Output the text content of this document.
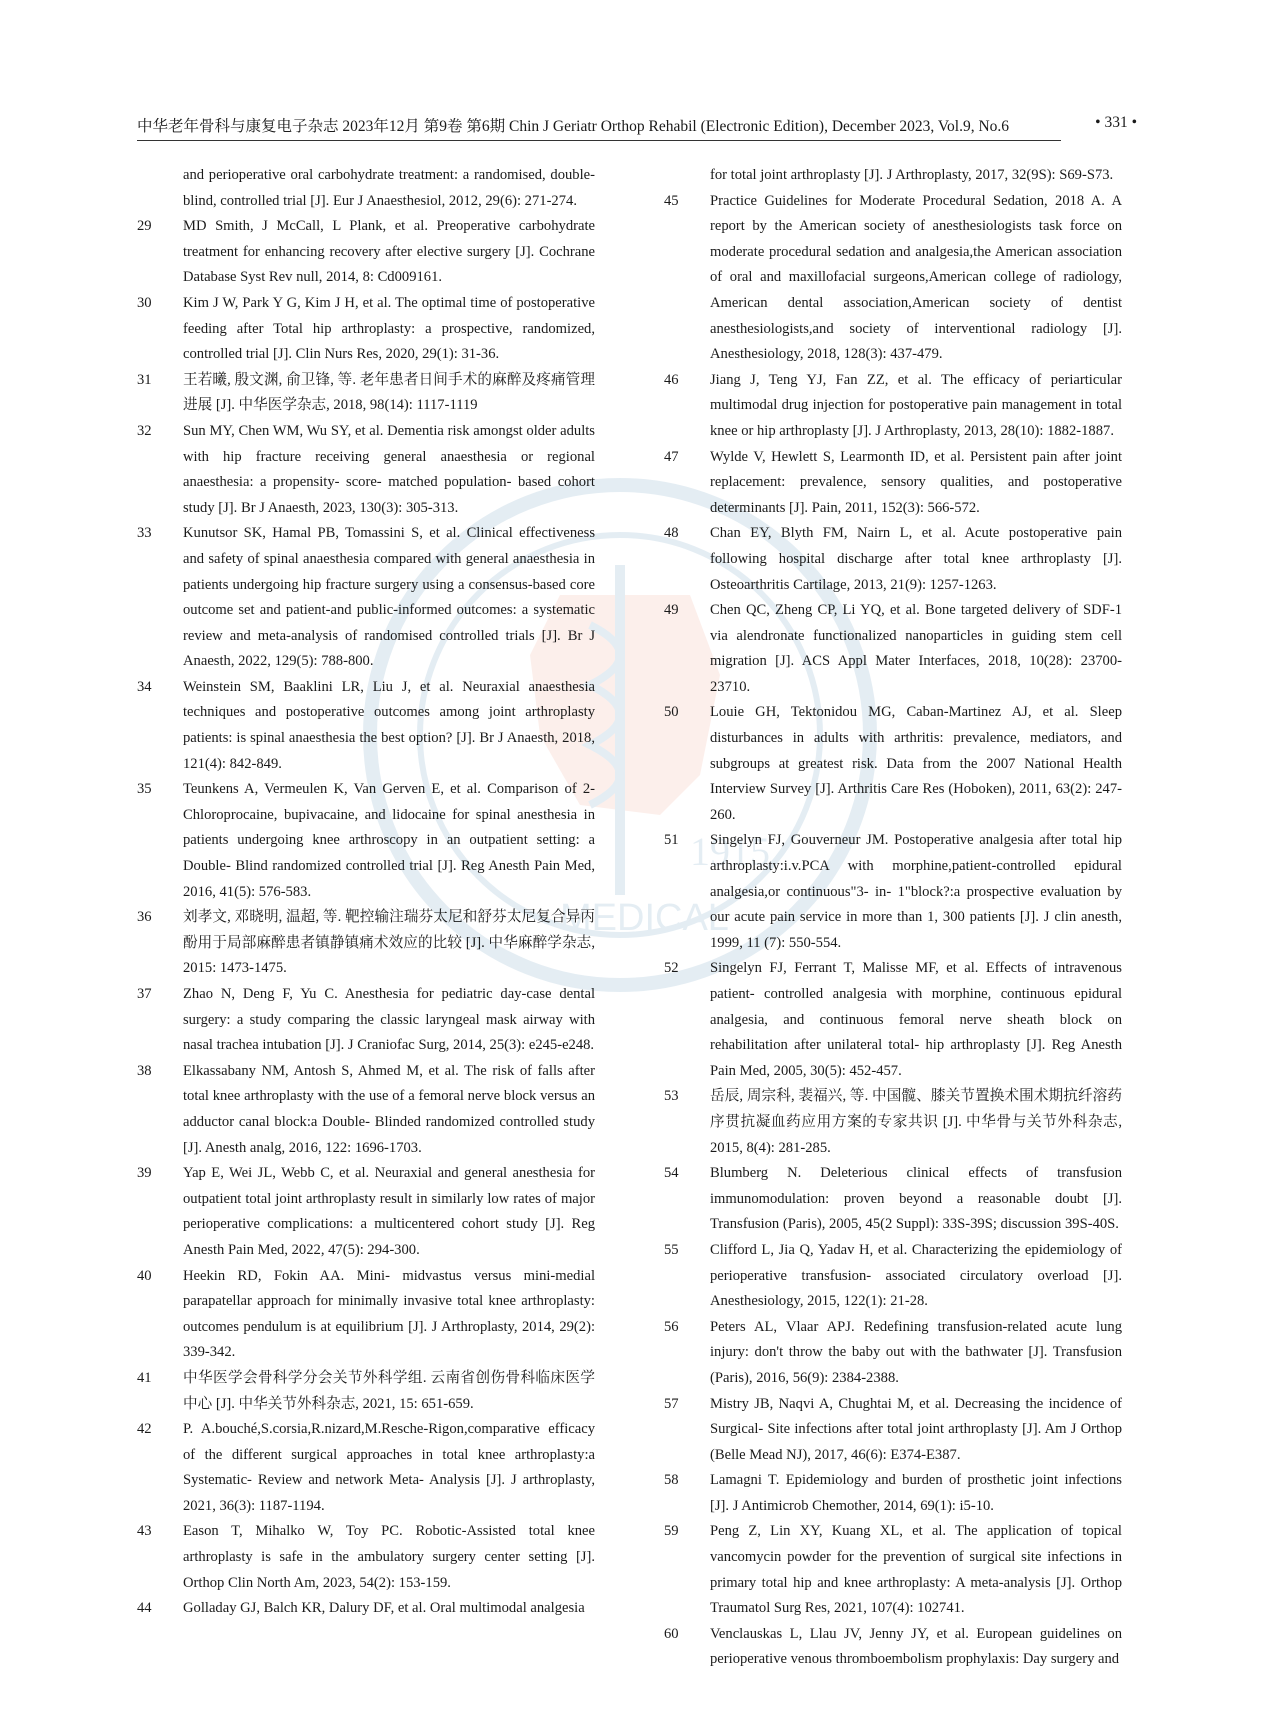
中华老年骨科与康复电子杂志 2023年12月 第9卷 第6期 Chin J Geriatr Orthop Rehabil (Electronic Edition), December 2023, Vol.9, No.6	• 331 •
1915
MEDICAL
and perioperative oral carbohydrate treatment: a randomised, double-blind, controlled trial [J]. Eur J Anaesthesiol, 2012, 29(6): 271-274.
29 MD Smith, J McCall, L Plank, et al. Preoperative carbohydrate treatment for enhancing recovery after elective surgery [J]. Cochrane Database Syst Rev null, 2014, 8: Cd009161.
30 Kim J W, Park Y G, Kim J H, et al. The optimal time of postoperative feeding after Total hip arthroplasty: a prospective, randomized, controlled trial [J]. Clin Nurs Res, 2020, 29(1): 31-36.
31 王若曦, 殷文渊, 俞卫锋, 等. 老年患者日间手术的麻醉及疼痛管理进展 [J]. 中华医学杂志, 2018, 98(14): 1117-1119
32 Sun MY, Chen WM, Wu SY, et al. Dementia risk amongst older adults with hip fracture receiving general anaesthesia or regional anaesthesia: a propensity- score- matched population- based cohort study [J]. Br J Anaesth, 2023, 130(3): 305-313.
33 Kunutsor SK, Hamal PB, Tomassini S, et al. Clinical effectiveness and safety of spinal anaesthesia compared with general anaesthesia in patients undergoing hip fracture surgery using a consensus-based core outcome set and patient-and public-informed outcomes: a systematic review and meta-analysis of randomised controlled trials [J]. Br J Anaesth, 2022, 129(5): 788-800.
34 Weinstein SM, Baaklini LR, Liu J, et al. Neuraxial anaesthesia techniques and postoperative outcomes among joint arthroplasty patients: is spinal anaesthesia the best option? [J]. Br J Anaesth, 2018, 121(4): 842-849.
35 Teunkens A, Vermeulen K, Van Gerven E, et al. Comparison of 2-Chloroprocaine, bupivacaine, and lidocaine for spinal anesthesia in patients undergoing knee arthroscopy in an outpatient setting: a Double- Blind randomized controlled trial [J]. Reg Anesth Pain Med, 2016, 41(5): 576-583.
36 刘孝文, 邓晓明, 温超, 等. 靶控输注瑞芬太尼和舒芬太尼复合异丙酚用于局部麻醉患者镇静镇痛术效应的比较 [J]. 中华麻醉学杂志, 2015: 1473-1475.
37 Zhao N, Deng F, Yu C. Anesthesia for pediatric day-case dental surgery: a study comparing the classic laryngeal mask airway with nasal trachea intubation [J]. J Craniofac Surg, 2014, 25(3): e245-e248.
38 Elkassabany NM, Antosh S, Ahmed M, et al. The risk of falls after total knee arthroplasty with the use of a femoral nerve block versus an adductor canal block:a Double- Blinded randomized controlled study [J]. Anesth analg, 2016, 122: 1696-1703.
39 Yap E, Wei JL, Webb C, et al. Neuraxial and general anesthesia for outpatient total joint arthroplasty result in similarly low rates of major perioperative complications: a multicentered cohort study [J]. Reg Anesth Pain Med, 2022, 47(5): 294-300.
40 Heekin RD, Fokin AA. Mini- midvastus versus mini-medial parapatellar approach for minimally invasive total knee arthroplasty: outcomes pendulum is at equilibrium [J]. J Arthroplasty, 2014, 29(2): 339-342.
41 中华医学会骨科学分会关节外科学组. 云南省创伤骨科临床医学中心 [J]. 中华关节外科杂志, 2021, 15: 651-659.
42 P. A.bouché,S.corsia,R.nizard,M.Resche-Rigon,comparative efficacy of the different surgical approaches in total knee arthroplasty:a Systematic- Review and network Meta- Analysis [J]. J arthroplasty, 2021, 36(3): 1187-1194.
43 Eason T, Mihalko W, Toy PC. Robotic-Assisted total knee arthroplasty is safe in the ambulatory surgery center setting [J]. Orthop Clin North Am, 2023, 54(2): 153-159.
44 Golladay GJ, Balch KR, Dalury DF, et al. Oral multimodal analgesia
for total joint arthroplasty [J]. J Arthroplasty, 2017, 32(9S): S69-S73.
45 Practice Guidelines for Moderate Procedural Sedation, 2018 A. A report by the American society of anesthesiologists task force on moderate procedural sedation and analgesia,the American association of oral and maxillofacial surgeons,American college of radiology, American dental association,American society of dentist anesthesiologists,and society of interventional radiology [J]. Anesthesiology, 2018, 128(3): 437-479.
46 Jiang J, Teng YJ, Fan ZZ, et al. The efficacy of periarticular multimodal drug injection for postoperative pain management in total knee or hip arthroplasty [J]. J Arthroplasty, 2013, 28(10): 1882-1887.
47 Wylde V, Hewlett S, Learmonth ID, et al. Persistent pain after joint replacement: prevalence, sensory qualities, and postoperative determinants [J]. Pain, 2011, 152(3): 566-572.
48 Chan EY, Blyth FM, Nairn L, et al. Acute postoperative pain following hospital discharge after total knee arthroplasty [J]. Osteoarthritis Cartilage, 2013, 21(9): 1257-1263.
49 Chen QC, Zheng CP, Li YQ, et al. Bone targeted delivery of SDF-1 via alendronate functionalized nanoparticles in guiding stem cell migration [J]. ACS Appl Mater Interfaces, 2018, 10(28): 23700-23710.
50 Louie GH, Tektonidou MG, Caban-Martinez AJ, et al. Sleep disturbances in adults with arthritis: prevalence, mediators, and subgroups at greatest risk. Data from the 2007 National Health Interview Survey [J]. Arthritis Care Res (Hoboken), 2011, 63(2): 247-260.
51 Singelyn FJ, Gouverneur JM. Postoperative analgesia after total hip arthroplasty:i.v.PCA with morphine,patient-controlled epidural analgesia,or continuous"3- in- 1"block?:a prospective evaluation by our acute pain service in more than 1, 300 patients [J]. J clin anesth, 1999, 11 (7): 550-554.
52 Singelyn FJ, Ferrant T, Malisse MF, et al. Effects of intravenous patient- controlled analgesia with morphine, continuous epidural analgesia, and continuous femoral nerve sheath block on rehabilitation after unilateral total- hip arthroplasty [J]. Reg Anesth Pain Med, 2005, 30(5): 452-457.
53 岳辰, 周宗科, 裴福兴, 等. 中国髋、膝关节置换术围术期抗纤溶药序贯抗凝血药应用方案的专家共识 [J]. 中华骨与关节外科杂志, 2015, 8(4): 281-285.
54 Blumberg N. Deleterious clinical effects of transfusion immunomodulation: proven beyond a reasonable doubt [J]. Transfusion (Paris), 2005, 45(2 Suppl): 33S-39S; discussion 39S-40S.
55 Clifford L, Jia Q, Yadav H, et al. Characterizing the epidemiology of perioperative transfusion- associated circulatory overload [J]. Anesthesiology, 2015, 122(1): 21-28.
56 Peters AL, Vlaar APJ. Redefining transfusion-related acute lung injury: don't throw the baby out with the bathwater [J]. Transfusion (Paris), 2016, 56(9): 2384-2388.
57 Mistry JB, Naqvi A, Chughtai M, et al. Decreasing the incidence of Surgical- Site infections after total joint arthroplasty [J]. Am J Orthop (Belle Mead NJ), 2017, 46(6): E374-E387.
58 Lamagni T. Epidemiology and burden of prosthetic joint infections [J]. J Antimicrob Chemother, 2014, 69(1): i5-10.
59 Peng Z, Lin XY, Kuang XL, et al. The application of topical vancomycin powder for the prevention of surgical site infections in primary total hip and knee arthroplasty: A meta-analysis [J]. Orthop Traumatol Surg Res, 2021, 107(4): 102741.
60 Venclauskas L, Llau JV, Jenny JY, et al. European guidelines on perioperative venous thromboembolism prophylaxis: Day surgery and
